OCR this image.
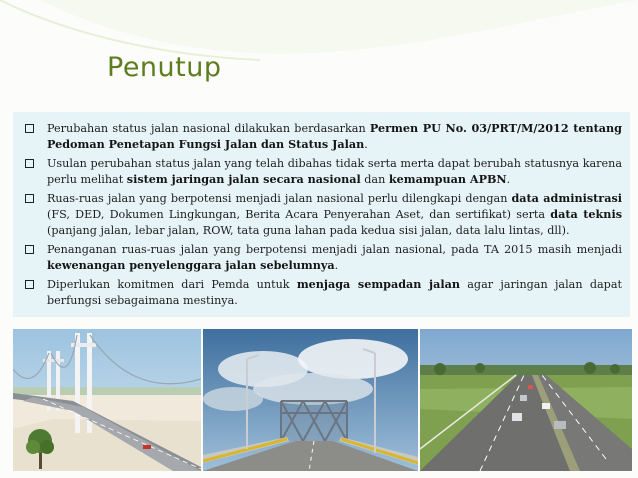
Penutup
Perubahan status jalan nasional dilakukan berdasarkan Permen PU No. 03/PRT/M/2012 tentang Pedoman Penetapan Fungsi Jalan dan Status Jalan.
Usulan perubahan status jalan yang telah dibahas tidak serta merta dapat berubah statusnya karena perlu melihat sistem jaringan jalan secara nasional dan kemampuan APBN.
Ruas-ruas jalan yang berpotensi menjadi jalan nasional perlu dilengkapi dengan data administrasi (FS, DED, Dokumen Lingkungan, Berita Acara Penyerahan Aset, dan sertifikat) serta data teknis (panjang jalan, lebar jalan, ROW, tata guna lahan pada kedua sisi jalan, data lalu lintas, dll).
Penanganan ruas-ruas jalan yang berpotensi menjadi jalan nasional, pada TA 2015 masih menjadi kewenangan penyelenggara jalan sebelumnya.
Diperlukan komitmen dari Pemda untuk menjaga sempadan jalan agar jaringan jalan dapat berfungsi sebagaimana mestinya.
